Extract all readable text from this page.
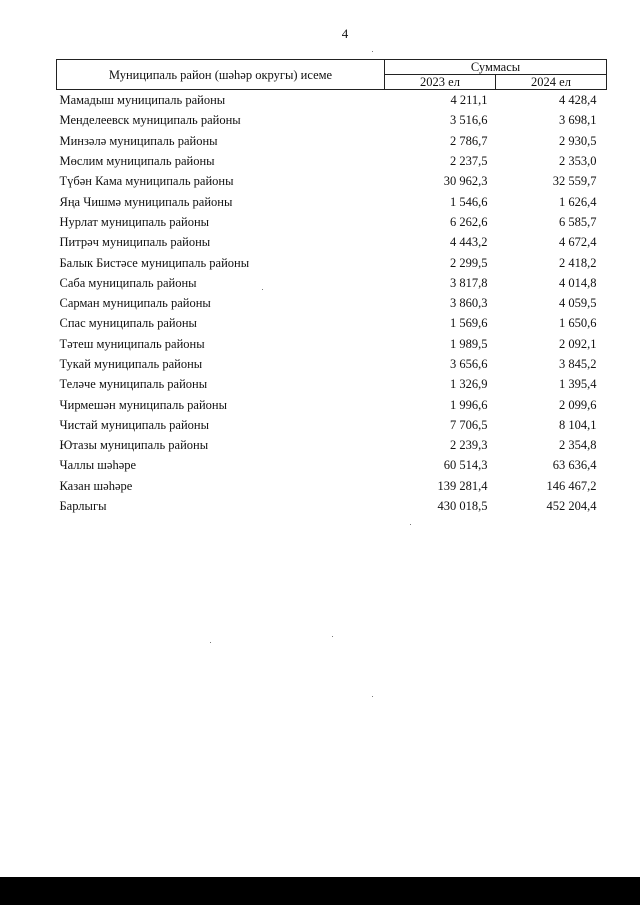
4
Муниципаль район (шәһәр округы) исеме	Суммасы	
	2023 ел	2024 ел
Мамадыш муниципаль районы	4 211,1	4 428,4
Менделеевск муниципаль районы	3 516,6	3 698,1
Минзәлә муниципаль районы	2 786,7	2 930,5
Мөслим муниципаль районы	2 237,5	2 353,0
Түбән Кама муниципаль районы	30 962,3	32 559,7
Яңа Чишмә муниципаль районы	1 546,6	1 626,4
Нурлат муниципаль районы	6 262,6	6 585,7
Питрәч муниципаль районы	4 443,2	4 672,4
Балык Бистәсе муниципаль районы	2 299,5	2 418,2
Саба муниципаль районы	3 817,8	4 014,8
Сарман муниципаль районы	3 860,3	4 059,5
Спас муниципаль районы	1 569,6	1 650,6
Тәтеш муниципаль районы	1 989,5	2 092,1
Тукай муниципаль районы	3 656,6	3 845,2
Теләче муниципаль районы	1 326,9	1 395,4
Чирмешән муниципаль районы	1 996,6	2 099,6
Чистай муниципаль районы	7 706,5	8 104,1
Ютазы муниципаль районы	2 239,3	2 354,8
Чаллы шәһәре	60 514,3	63 636,4
Казан шәһәре	139 281,4	146 467,2
Барлыгы	430 018,5	452 204,4
